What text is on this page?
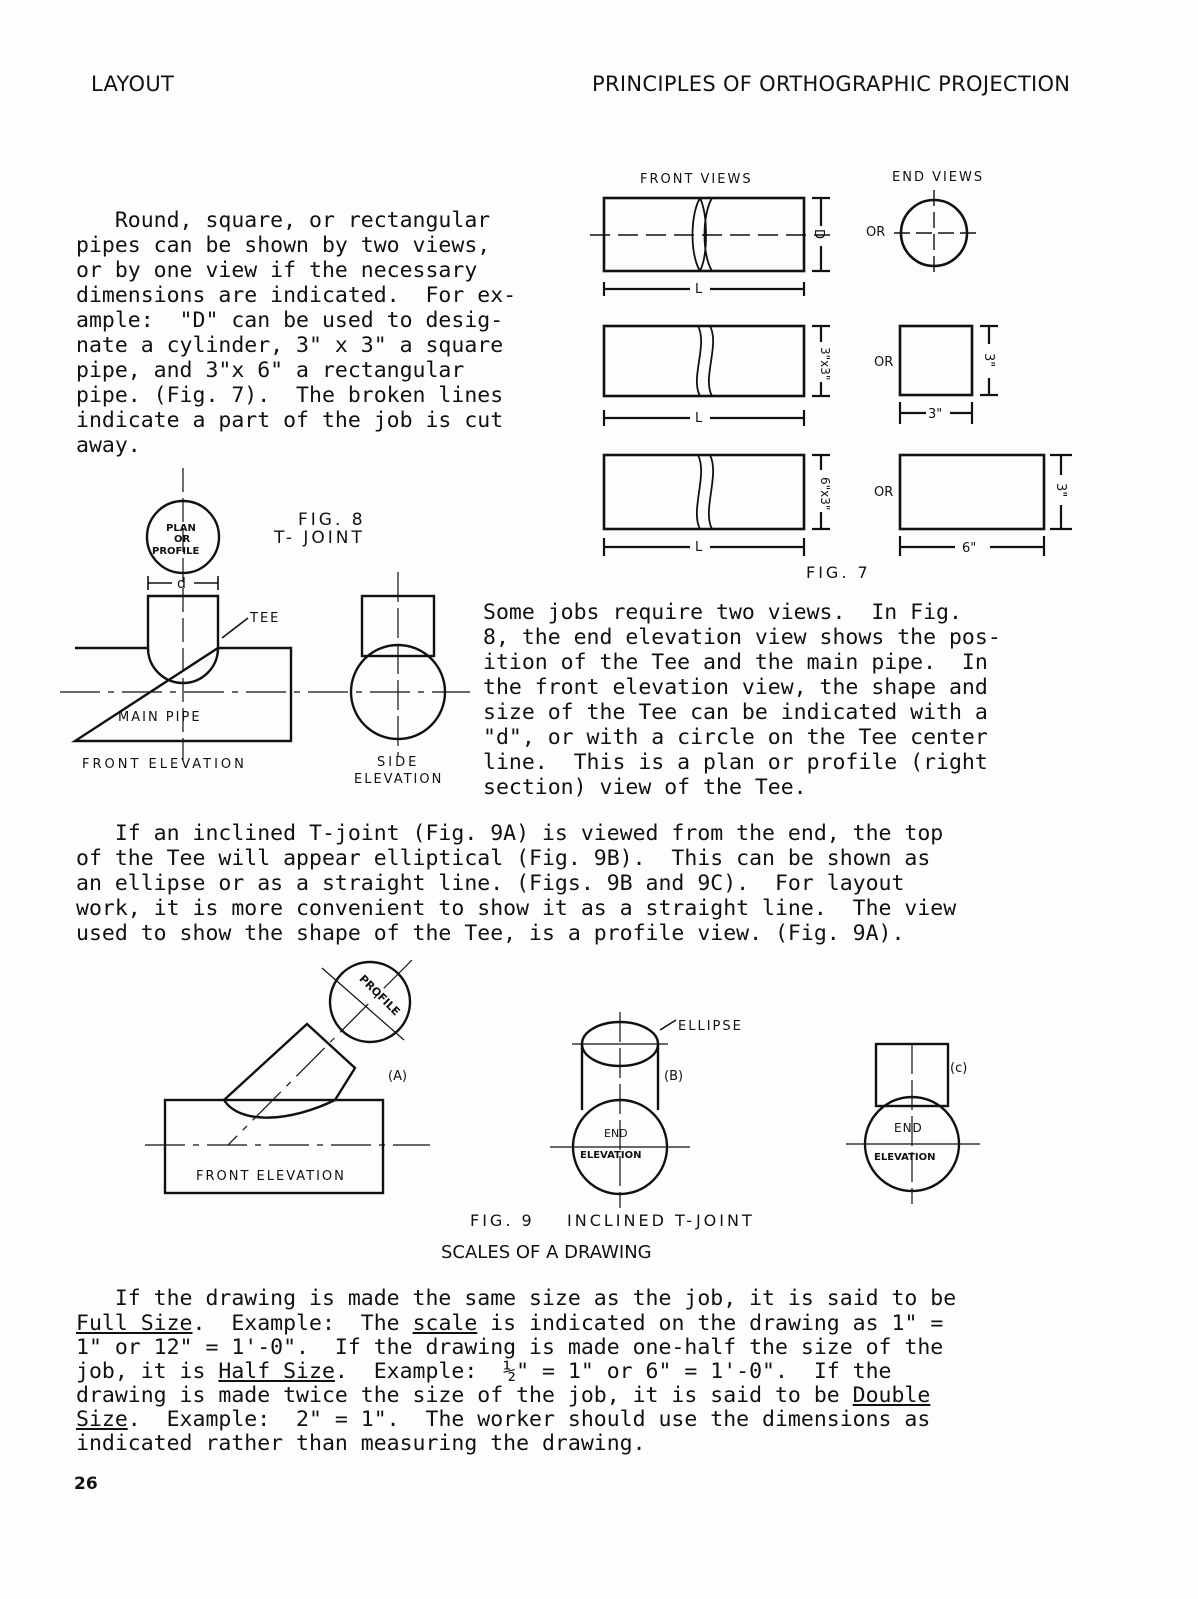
LAYOUT	PRINCIPLES OF ORTHOGRAPHIC PROJECTION
Round, square, or rectangular
pipes can be shown by two views,
or by one view if the necessary
dimensions are indicated.  For ex-
ample:  "D" can be used to desig-
nate a cylinder, 3" x 3" a square
pipe, and 3"x 6" a rectangular
pipe. (Fig. 7).  The broken lines
indicate a part of the job is cut
away.
FRONT VIEWS	END VIEWS
D
L
OR
L
OR
3"x3"	3"
3"
L
OR
6"x3"	3"
6"
FIG. 7
PLAN
OR
PROFILE
d
TEE
MAIN PIPE
FRONT ELEVATION	SIDE
ELEVATION
FIG. 8
T- JOINT
Some jobs require two views.  In Fig.
8, the end elevation view shows the pos-
ition of the Tee and the main pipe.  In
the front elevation view, the shape and
size of the Tee can be indicated with a
"d", or with a circle on the Tee center
line.  This is a plan or profile (right
section) view of the Tee.
If an inclined T-joint (Fig. 9A) is viewed from the end, the top
of the Tee will appear elliptical (Fig. 9B).  This can be shown as
an ellipse or as a straight line. (Figs. 9B and 9C).  For layout
work, it is more convenient to show it as a straight line.  The view
used to show the shape of the Tee, is a profile view. (Fig. 9A).
PROFILE
(A)
FRONT ELEVATION
ELLIPSE
(B)
END
ELEVATION
(c)
END
ELEVATION
FIG. 9    INCLINED T-JOINT
SCALES OF A DRAWING
If the drawing is made the same size as the job, it is said to be
Full Size.  Example:  The scale is indicated on the drawing as 1" =
1" or 12" = 1'-0".  If the drawing is made one-half the size of the
job, it is Half Size.  Example:  ½" = 1" or 6" = 1'-0".  If the
drawing is made twice the size of the job, it is said to be Double
Size.  Example:  2" = 1".  The worker should use the dimensions as
indicated rather than measuring the drawing.
26
